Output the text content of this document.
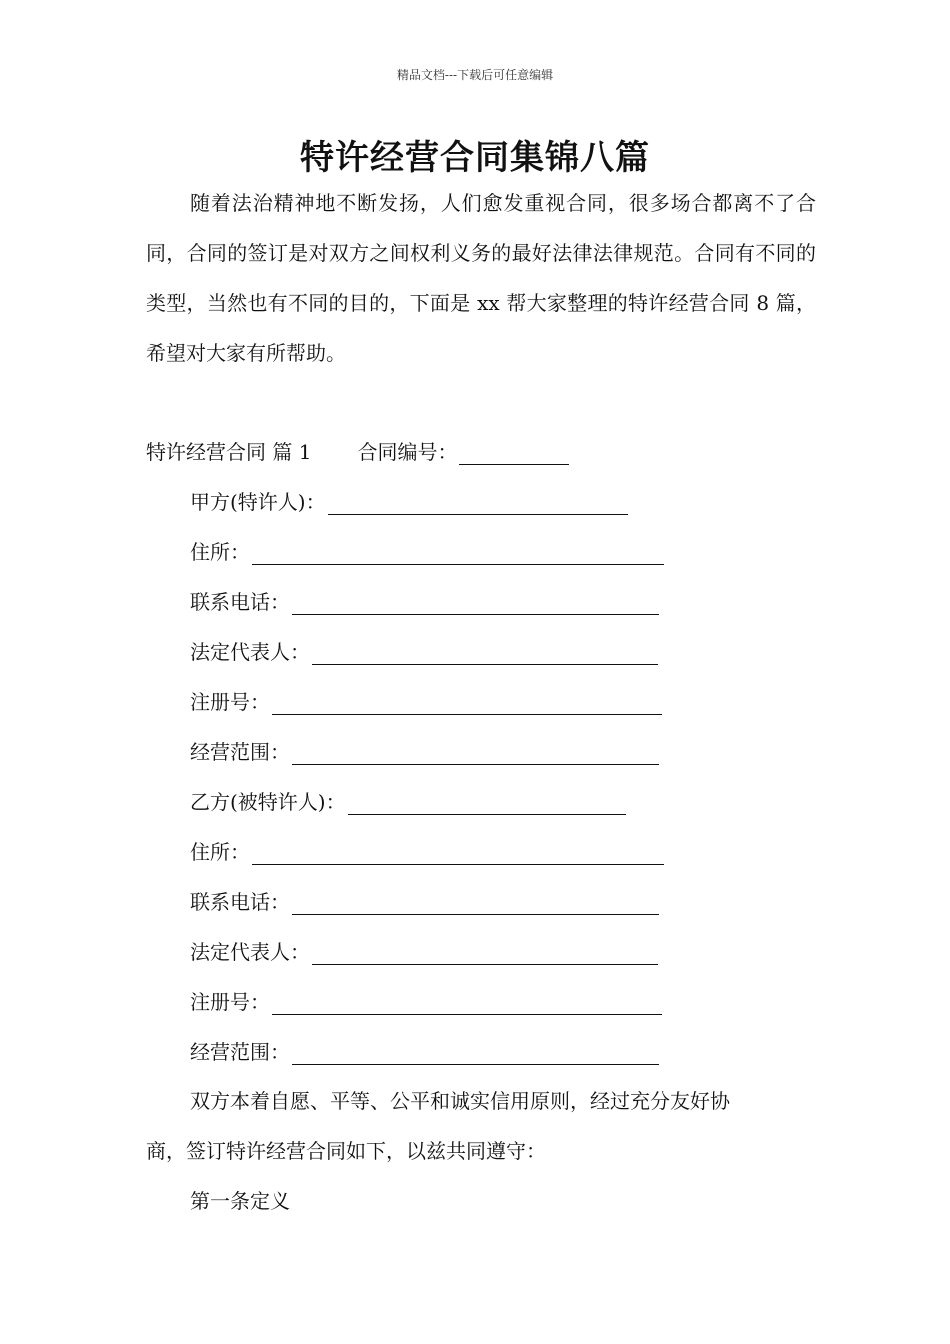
精品文档---下载后可任意编辑
特许经营合同集锦八篇

随着法治精神地不断发扬，人们愈发重视合同，很多场合都离不了合同，合同的签订是对双方之间权利义务的最好法律法律规范。合同有不同的类型，当然也有不同的目的，下面是 xx 帮大家整理的特许经营合同 8 篇，希望对大家有所帮助。

特许经营合同 篇 1 合同编号：
甲方(特许人)：
住所：
联系电话：
法定代表人：
注册号：
经营范围：
乙方(被特许人)：
住所：
联系电话：
法定代表人：
注册号：
经营范围：
双方本着自愿、平等、公平和诚实信用原则，经过充分友好协
商，签订特许经营合同如下，以兹共同遵守：
第一条定义
